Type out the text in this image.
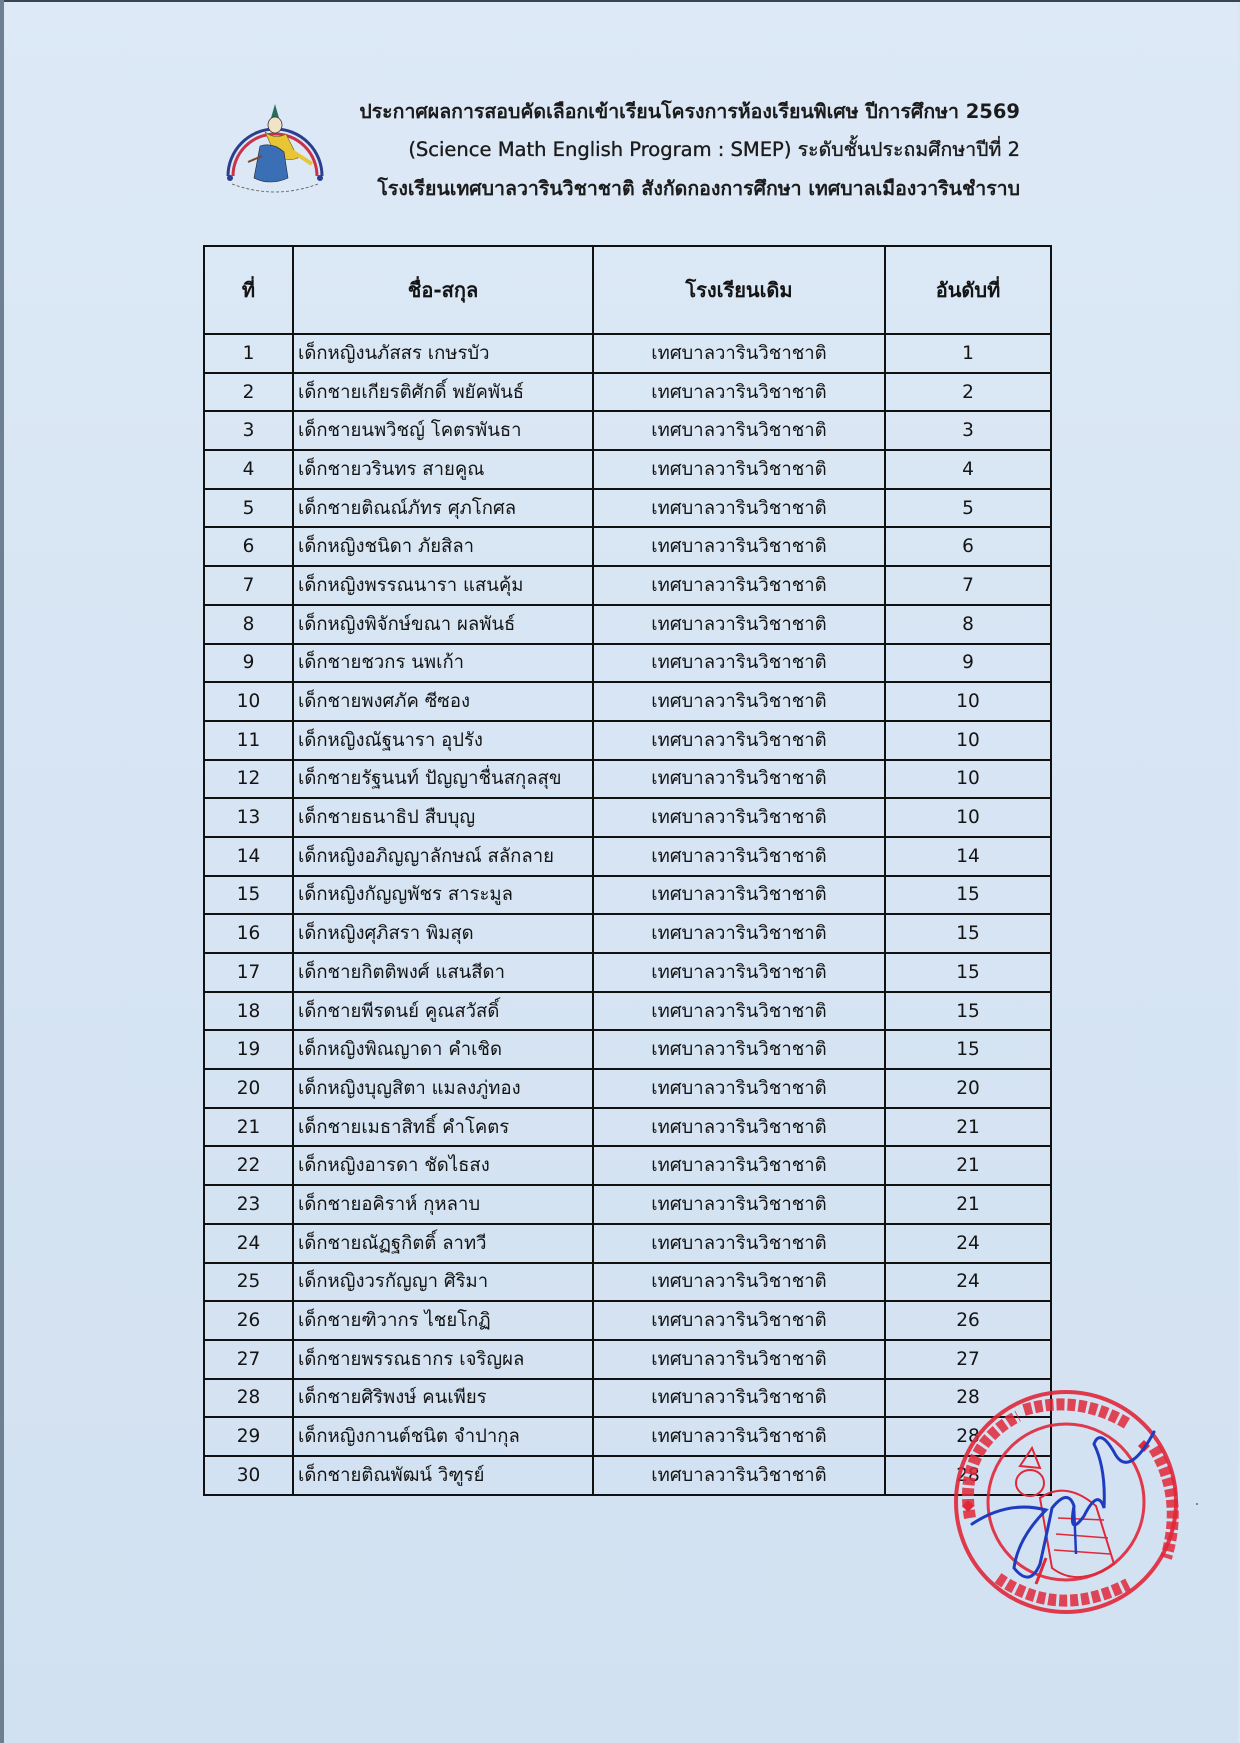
ประกาศผลการสอบคัดเลือกเข้าเรียนโครงการห้องเรียนพิเศษ ปีการศึกษา 2569
(Science Math English Program : SMEP) ระดับชั้นประถมศึกษาปีที่ 2
โรงเรียนเทศบาลวารินวิชาชาติ สังกัดกองการศึกษา เทศบาลเมืองวารินชำราบ
ที่	ชื่อ-สกุล	โรงเรียนเดิม	อันดับที่
1	เด็กหญิงนภัสสร เกษรบัว	เทศบาลวารินวิชาชาติ	1
2	เด็กชายเกียรติศักดิ์ พยัคพันธ์	เทศบาลวารินวิชาชาติ	2
3	เด็กชายนพวิชญ์ โคตรพันธา	เทศบาลวารินวิชาชาติ	3
4	เด็กชายวรินทร สายคูณ	เทศบาลวารินวิชาชาติ	4
5	เด็กชายติณณ์ภัทร ศุภโกศล	เทศบาลวารินวิชาชาติ	5
6	เด็กหญิงชนิดา ภัยสิลา	เทศบาลวารินวิชาชาติ	6
7	เด็กหญิงพรรณนารา แสนคุ้ม	เทศบาลวารินวิชาชาติ	7
8	เด็กหญิงพิจักษ์ขณา ผลพันธ์	เทศบาลวารินวิชาชาติ	8
9	เด็กชายชวกร นพเก้า	เทศบาลวารินวิชาชาติ	9
10	เด็กชายพงศภัค ซีซอง	เทศบาลวารินวิชาชาติ	10
11	เด็กหญิงณัฐนารา อุปรัง	เทศบาลวารินวิชาชาติ	10
12	เด็กชายรัฐนนท์ ปัญญาชื่นสกุลสุข	เทศบาลวารินวิชาชาติ	10
13	เด็กชายธนาธิป สืบบุญ	เทศบาลวารินวิชาชาติ	10
14	เด็กหญิงอภิญญาลักษณ์ สลักลาย	เทศบาลวารินวิชาชาติ	14
15	เด็กหญิงกัญญพัชร สาระมูล	เทศบาลวารินวิชาชาติ	15
16	เด็กหญิงศุภิสรา พิมสุด	เทศบาลวารินวิชาชาติ	15
17	เด็กชายกิตติพงศ์ แสนสีดา	เทศบาลวารินวิชาชาติ	15
18	เด็กชายพีรดนย์ คูณสวัสดิ์	เทศบาลวารินวิชาชาติ	15
19	เด็กหญิงพิณญาดา คำเชิด	เทศบาลวารินวิชาชาติ	15
20	เด็กหญิงบุญสิตา แมลงภู่ทอง	เทศบาลวารินวิชาชาติ	20
21	เด็กชายเมธาสิทธิ์ คำโคตร	เทศบาลวารินวิชาชาติ	21
22	เด็กหญิงอารดา ชัดไธสง	เทศบาลวารินวิชาชาติ	21
23	เด็กชายอคิราห์ กุหลาบ	เทศบาลวารินวิชาชาติ	21
24	เด็กชายณัฏฐกิตติ์ ลาทวี	เทศบาลวารินวิชาชาติ	24
25	เด็กหญิงวรกัญญา ศิริมา	เทศบาลวารินวิชาชาติ	24
26	เด็กชายฑิวากร ไชยโกฏิ	เทศบาลวารินวิชาชาติ	26
27	เด็กชายพรรณธากร เจริญผล	เทศบาลวารินวิชาชาติ	27
28	เด็กชายศิริพงษ์ คนเพียร	เทศบาลวารินวิชาชาติ	28
29	เด็กหญิงกานต์ชนิต จำปากุล	เทศบาลวารินวิชาชาติ	28
30	เด็กชายติณพัฒน์ วิฑูรย์	เทศบาลวารินวิชาชาติ	28
